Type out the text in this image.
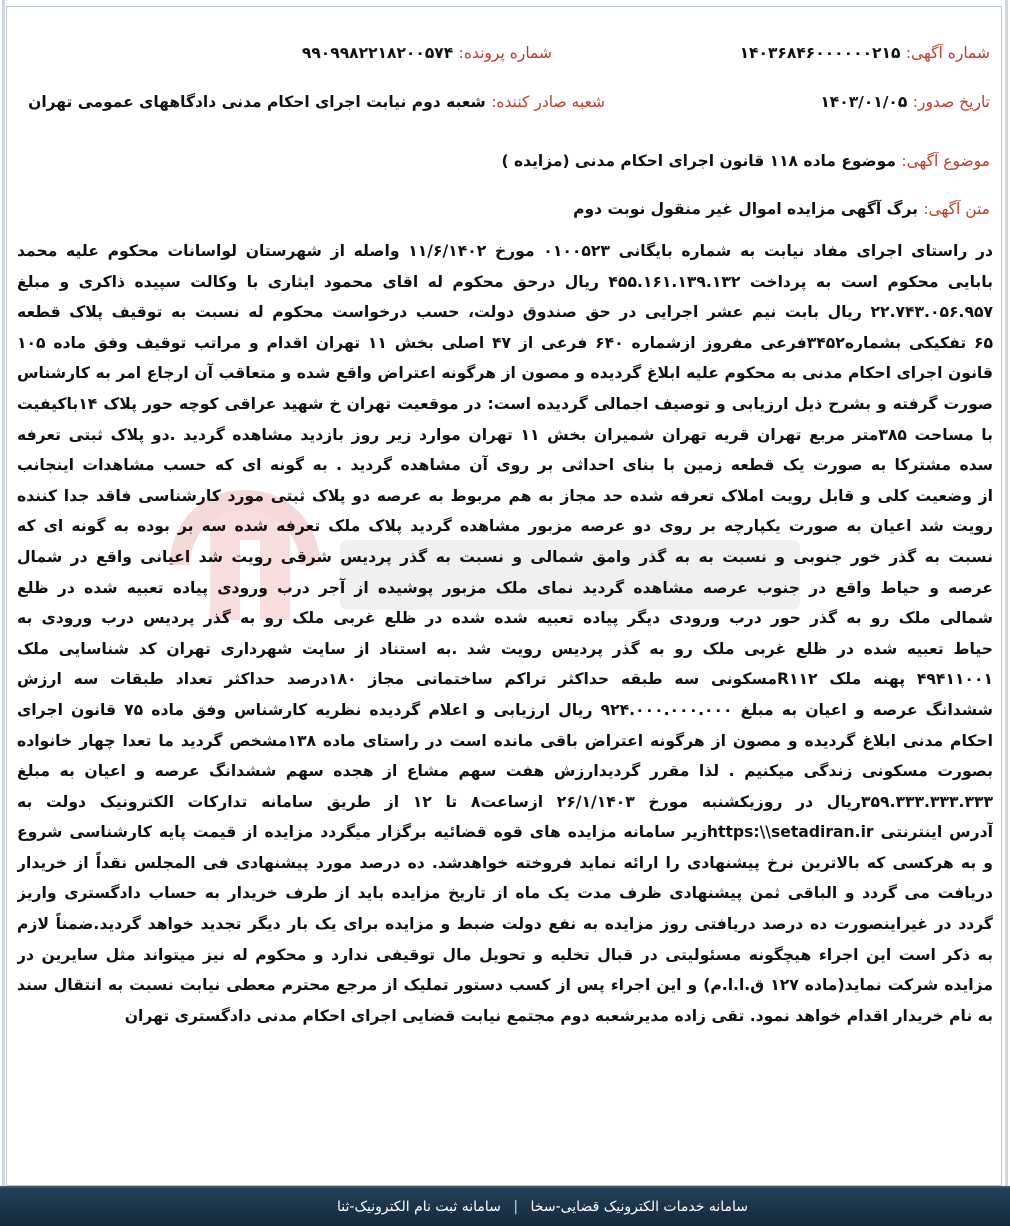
شماره آگهی: ۱۴۰۳۶۸۴۶۰۰۰۰۰۰۲۱۵
شماره پرونده: ۹۹۰۹۹۸۲۲۱۸۲۰۰۵۷۴
تاریخ صدور: ۱۴۰۳/۰۱/۰۵
شعبه صادر کننده: شعبه دوم نیابت اجرای احکام مدنی دادگاههای عمومی تهران
موضوع آگهی: موضوع ماده ۱۱۸ قانون اجرای احکام مدنی (مزایده )
متن آگهی: برگ آگهی مزایده اموال غیر منقول نوبت دوم
در راستای اجرای مفاد نیابت به شماره بایگانی ۰۱۰۰۵۲۳ مورخ ۱۱/۶/۱۴۰۲ واصله از شهرستان لواسانات محکوم علیه محمد
بابایی محکوم است به پرداخت ۴۵۵.۱۶۱.۱۳۹.۱۳۲ ریال درحق محکوم له اقای محمود ایثاری با وکالت سپیده ذاکری و مبلغ
۲۲.۷۴۳.۰۵۶.۹۵۷ ریال بابت نیم عشر اجرایی در حق صندوق دولت، حسب درخواست محکوم له نسبت به توقیف پلاک قطعه
۶۵ تفکیکی بشماره۳۴۵۲فرعی مفروز ازشماره ۶۴۰ فرعی از ۴۷ اصلی بخش ۱۱ تهران اقدام و مراتب توقیف وفق ماده ۱۰۵
قانون اجرای احکام مدنی به محکوم علیه ابلاغ گردیده و مصون از هرگونه اعتراض واقع شده و متعاقب آن ارجاع امر به کارشناس
صورت گرفته و بشرح ذیل ارزیابی و توصیف اجمالی گردیده است: در موقعیت تهران خ شهید عراقی کوچه حور پلاک ۱۴باکیفیت
با مساحت ۳۸۵متر مربع تهران قریه تهران شمیران بخش ۱۱ تهران موارد زیر روز بازدید مشاهده گردید .دو پلاک ثبتی تعرفه
سده مشترکا به صورت یک قطعه زمین با بنای احداثی بر روی آن مشاهده گردید . به گونه ای که حسب مشاهدات اینجانب
از وضعیت کلی و قابل رویت املاک تعرفه شده حد مجاز به هم مربوط به عرصه دو پلاک ثبتی مورد کارشناسی فاقد جدا کننده
رویت شد اعیان به صورت یکپارچه بر روی دو عرصه مزبور مشاهده گردید پلاک ملک تعرفه شده سه بر بوده به گونه ای که
نسبت به گذر خور جنوبی و نسبت به به گذر وامق شمالی و نسبت به گذر پردیس شرقی رویت شد اعیانی واقع در شمال
عرصه و حیاط واقع در جنوب عرصه مشاهده گردید نمای ملک مزبور پوشیده از آجر درب ورودی پیاده تعبیه شده در ظلع
شمالی ملک رو به گذر حور درب ورودی دیگر پیاده تعبیه شده شده در ظلع غربی ملک رو به گذر پردیس درب ورودی به
حیاط تعبیه شده در ظلع غربی ملک رو به گذر پردیس رویت شد .به استناد از سایت شهرداری تهران کد شناسایی ملک
۴۹۴۱۱۰۰۱ پهنه ملک R۱۱۲مسکونی سه طبقه حداکثر تراکم ساختمانی مجاز ۱۸۰درصد حداکثر تعداد طبقات سه ارزش
ششدانگ عرصه و اعیان به مبلغ ۹۲۴.۰۰۰.۰۰۰.۰۰۰ ریال ارزیابی و اعلام گردیده نظریه کارشناس وفق ماده ۷۵ قانون اجرای
احکام مدنی ابلاغ گردیده و مصون از هرگونه اعتراض باقی مانده است در راستای ماده ۱۳۸مشخص گردید ما تعدا چهار خانواده
بصورت مسکونی زندگی میکنیم . لذا مقرر گردیدارزش هفت سهم مشاع از هجده سهم ششدانگ عرصه و اعیان به مبلغ
۳۵۹.۳۳۳.۳۳۳.۳۳۳ریال در روزیکشنبه مورخ ۲۶/۱/۱۴۰۳ ازساعت۸ تا ۱۲ از طریق سامانه تدارکات الکترونیک دولت به
آدرس اینترنتی https:\\setadiran.irزیر سامانه مزایده های قوه قضائیه برگزار میگردد مزایده از قیمت پایه کارشناسی شروع
و به هرکسی که بالاترین نرخ پیشنهادی را ارائه نماید فروخته خواهدشد. ده درصد مورد پیشنهادی فی المجلس نقداً از خریدار
دریافت می گردد و الباقی ثمن پیشنهادی ظرف مدت یک ماه از تاریخ مزایده باید از طرف خریدار به حساب دادگستری واریز
گردد در غیراینصورت ده درصد دریافتی روز مزایده به نفع دولت ضبط و مزایده برای یک بار دیگر تجدید خواهد گردید.ضمناً لازم
به ذکر است این اجراء هیچگونه مسئولیتی در قبال تخلیه و تحویل مال توقیفی ندارد و محکوم له نیز میتواند مثل سایرین در
مزایده شرکت نماید(ماده ۱۲۷ ق.ا.ا.م) و این اجراء پس از کسب دستور تملیک از مرجع محترم معطی نیابت نسبت به انتقال سند
به نام خریدار اقدام خواهد نمود. تقی زاده مدیرشعبه دوم مجتمع نیابت قضایی اجرای احکام مدنی دادگستری تهران
سامانه خدمات الکترونیک قضایی-سخا | سامانه ثبت نام الکترونیک-ثنا
